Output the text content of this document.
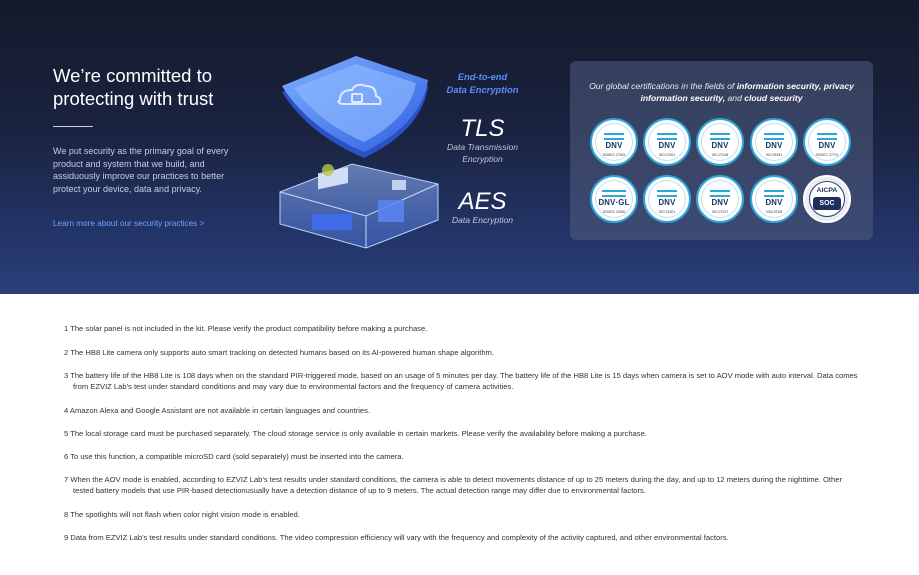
We’re committed to protecting with trust

We put security as the primary goal of every product and system that we build, and assiduously improve our practices to better protect your device, data and privacy.

Learn more about our security practices >
End-to-end
Data Encryption
TLS
Data Transmission
Encryption
AES
Data Encryption

Our global certifications in the fields of information security, privacy information security, and cloud security

DNV
ISO/IEC 27001
DNV
ISO 27001
DNV
ISO 27018
DNV
ISO 29151
DNV
ISO/IEC 27701
DNV·GL
ISO/IEC 20000
DNV
ISO 22301
DNV
ISO 27017
DNV
CSA STAR
AICPA
SOC

1 The solar panel is not included in the kit. Please verify the product compatibility before making a purchase.

2 The HB8 Lite camera only supports auto smart tracking on detected humans based on its AI-powered human shape algorithm.

3 The battery life of the HB8 Lite is 108 days when on the standard PIR-triggered mode, based on an usage of 5 minutes per day. The battery life of the HB8 Lite is 15 days when camera is set to AOV mode with auto interval. Data comes from EZVIZ Lab's test under standard conditions and may vary due to environmental factors and the frequency of camera activities.

4 Amazon Alexa and Google Assistant are not available in certain languages and countries.

5 The local storage card must be purchased separately. The cloud storage service is only available in certain markets. Please verify the availability before making a purchase.

6 To use this function, a compatible microSD card (sold separately) must be inserted into the camera.

7 When the AOV mode is enabled, according to EZVIZ Lab's test results under standard conditions, the camera is able to detect movements distance of up to 25 meters during the day, and up to 12 meters during the nighttime. Other tested battery models that use PIR-based detectionusually have a detection distance of up to 9 meters. The actual detection range may differ due to environmental factors.

8 The spotlights will not flash when color night vision mode is enabled.

9 Data from EZVIZ Lab's test results under standard conditions. The video compression efficiency will vary with the frequency and complexity of the activity captured, and other environmental factors.
